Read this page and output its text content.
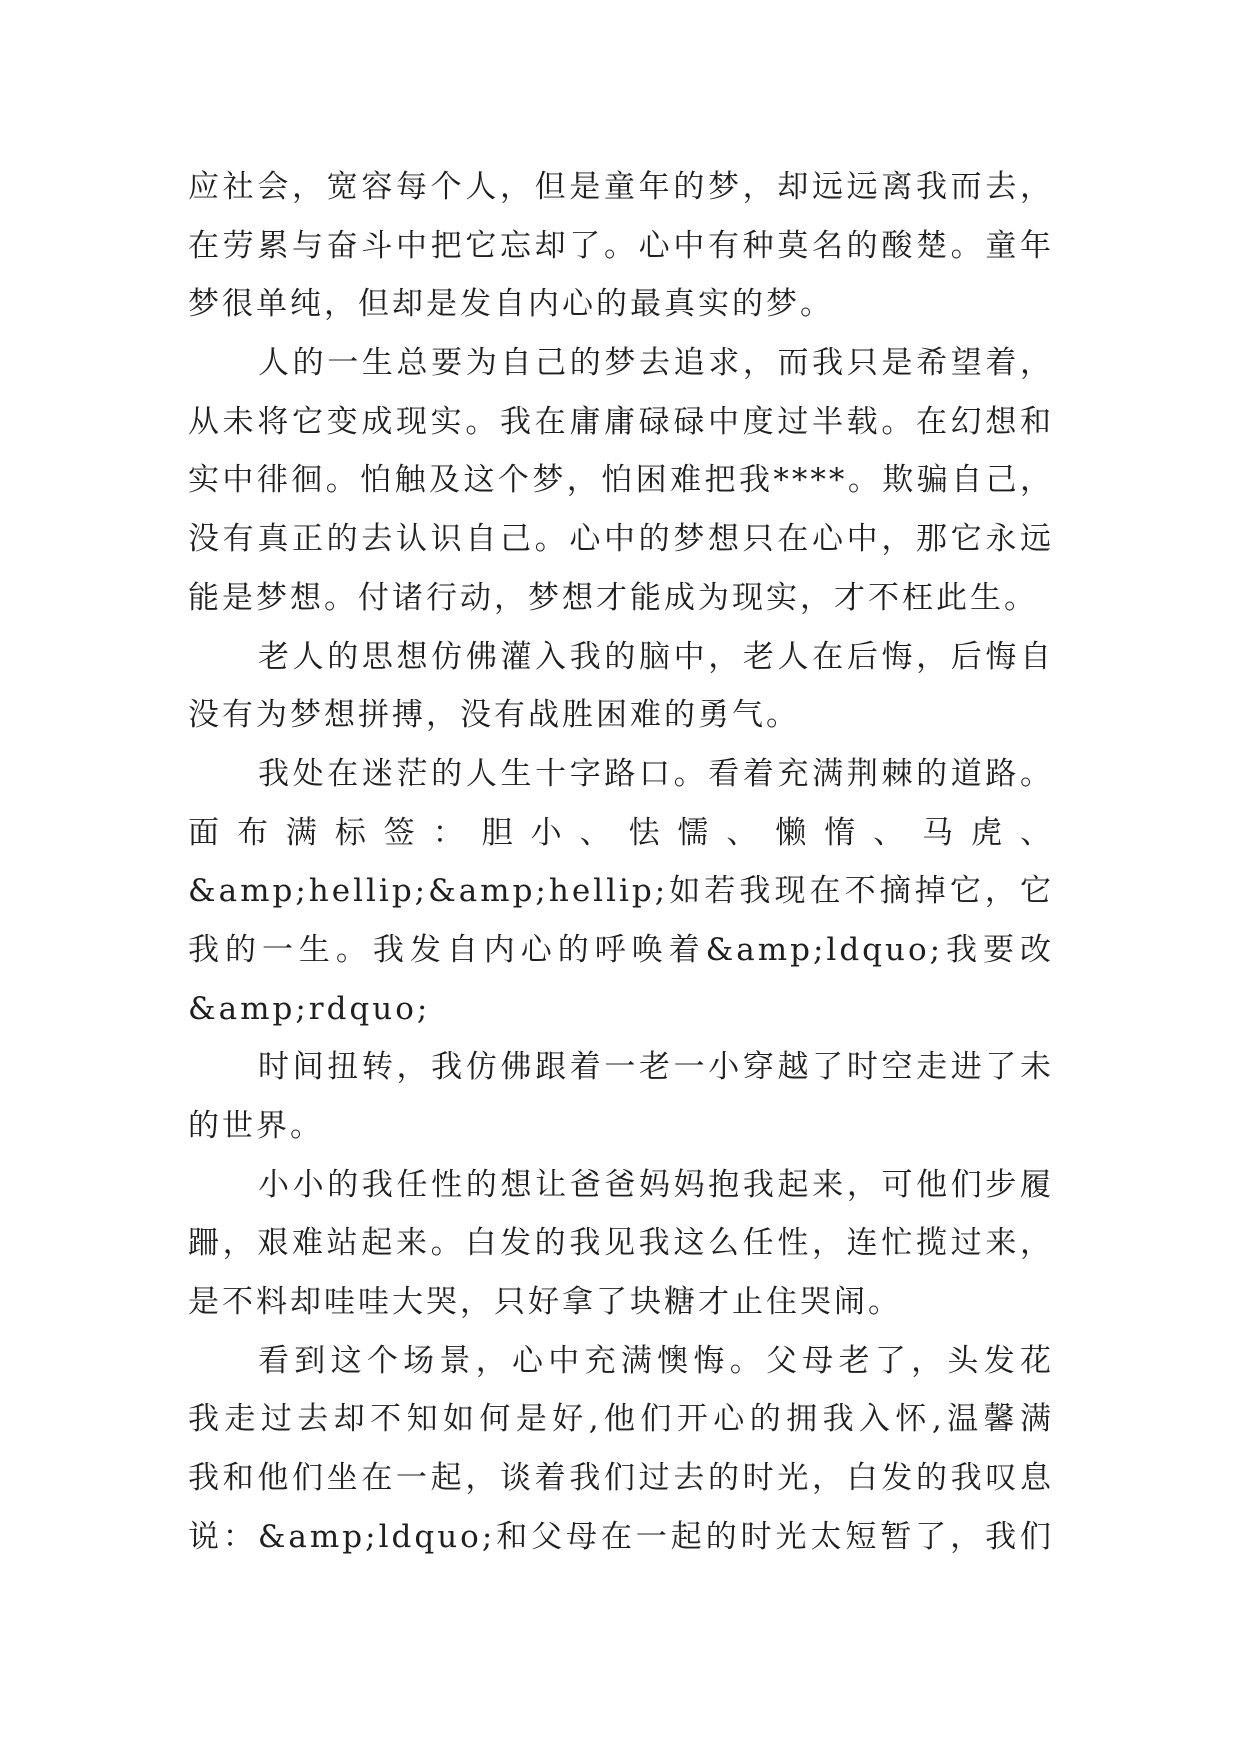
应社会，宽容每个人，但是童年的梦，却远远离我而去，
在劳累与奋斗中把它忘却了。心中有种莫名的酸楚。童年
梦很单纯，但却是发自内心的最真实的梦。
人的一生总要为自己的梦去追求，而我只是希望着，
从未将它变成现实。我在庸庸碌碌中度过半载。在幻想和
实中徘徊。怕触及这个梦，怕困难把我****。欺骗自己，
没有真正的去认识自己。心中的梦想只在心中，那它永远
能是梦想。付诸行动，梦想才能成为现实，才不枉此生。
老人的思想仿佛灌入我的脑中，老人在后悔，后悔自
没有为梦想拼搏，没有战胜困难的勇气。
我处在迷茫的人生十字路口。看着充满荆棘的道路。
面 布 满 标 签 ： 胆 小 、 怯 懦 、 懒 惰 、 马 虎 、
&amp;hellip;&amp;hellip;如若我现在不摘掉它，它
我的一生。我发自内心的呼唤着&amp;ldquo;我要改
&amp;rdquo;
时间扭转，我仿佛跟着一老一小穿越了时空走进了未
的世界。
小小的我任性的想让爸爸妈妈抱我起来，可他们步履
跚，艰难站起来。白发的我见我这么任性，连忙揽过来，
是不料却哇哇大哭，只好拿了块糖才止住哭闹。
看到这个场景，心中充满懊悔。父母老了，头发花
我走过去却不知如何是好,他们开心的拥我入怀,温馨满
我和他们坐在一起，谈着我们过去的时光，白发的我叹息
说：&amp;ldquo;和父母在一起的时光太短暂了，我们
